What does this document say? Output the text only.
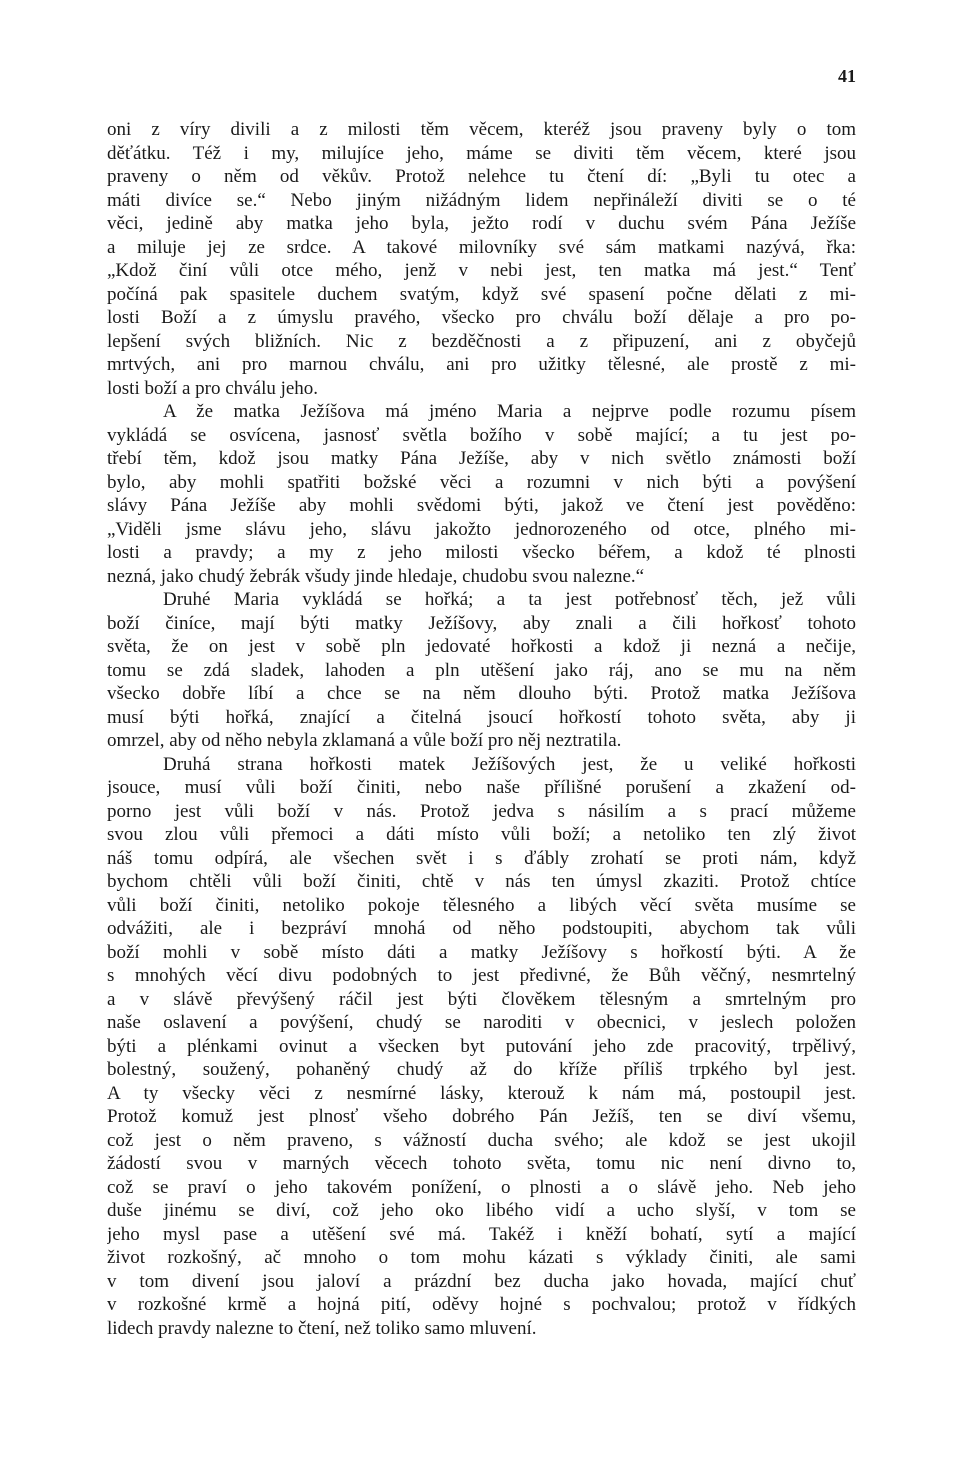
41
oni z víry divili a z milosti těm věcem, kteréž jsou praveny byly o tom
děťátku. Též i my, milujíce jeho, máme se diviti těm věcem, které jsou
praveny o něm od věkův. Protož nelehce tu čtení dí: „Byli tu otec a
máti divíce se.“ Nebo jiným nižádným lidem nepřináleží diviti se o té
věci, jedině aby matka jeho byla, ježto rodí v duchu svém Pána Ježíše
a miluje jej ze srdce. A takové milovníky své sám matkami nazývá, řka:
„Kdož činí vůli otce mého, jenž v nebi jest, ten matka má jest.“ Tenť
počíná pak spasitele duchem svatým, když své spasení počne dělati z mi-
losti Boží a z úmyslu pravého, všecko pro chválu boží dělaje a pro po-
lepšení svých bližních. Nic z bezděčnosti a z připuzení, ani z obyčejů
mrtvých, ani pro marnou chválu, ani pro užitky tělesné, ale prostě z mi-
losti boží a pro chválu jeho.
A že matka Ježíšova má jméno Maria a nejprve podle rozumu písem
vykládá se osvícena, jasnosť světla božího v sobě mající; a tu jest po-
třebí těm, kdož jsou matky Pána Ježíše, aby v nich světlo známosti boží
bylo, aby mohli spatřiti božské věci a rozumni v nich býti a povýšení
slávy Pána Ježíše aby mohli svědomi býti, jakož ve čtení jest pověděno:
„Viděli jsme slávu jeho, slávu jakožto jednorozeného od otce, plného mi-
losti a pravdy; a my z jeho milosti všecko béřem, a kdož té plnosti
nezná, jako chudý žebrák všudy jinde hledaje, chudobu svou nalezne.“
Druhé Maria vykládá se hořká; a ta jest potřebnosť těch, jež vůli
boží činíce, mají býti matky Ježíšovy, aby znali a čili hořkosť tohoto
světa, že on jest v sobě pln jedovaté hořkosti a kdož ji nezná a nečije,
tomu se zdá sladek, lahoden a pln utěšení jako ráj, ano se mu na něm
všecko dobře líbí a chce se na něm dlouho býti. Protož matka Ježíšova
musí býti hořká, znající a čitelná jsoucí hořkostí tohoto světa, aby ji
omrzel, aby od něho nebyla zklamaná a vůle boží pro něj neztratila.
Druhá strana hořkosti matek Ježíšových jest, že u veliké hořkosti
jsouce, musí vůli boží činiti, nebo naše přílišné porušení a zkažení od-
porno jest vůli boží v nás. Protož jedva s násilím a s prací můžeme
svou zlou vůli přemoci a dáti místo vůli boží; a netoliko ten zlý život
náš tomu odpírá, ale všechen svět i s ďábly zrohatí se proti nám, když
bychom chtěli vůli boží činiti, chtě v nás ten úmysl zkaziti. Protož chtíce
vůli boží činiti, netoliko pokoje tělesného a libých věcí světa musíme se
odvážiti, ale i bezpráví mnohá od něho podstoupiti, abychom tak vůli
boží mohli v sobě místo dáti a matky Ježíšovy s hořkostí býti. A že
s mnohých věcí divu podobných to jest předivné, že Bůh věčný, nesmrtelný
a v slávě převýšený ráčil jest býti člověkem tělesným a smrtelným pro
naše oslavení a povýšení, chudý se naroditi v obecnici, v jeslech položen
býti a plénkami ovinut a všecken byt putování jeho zde pracovitý, trpělivý,
bolestný, soužený, pohaněný chudý až do kříže příliš trpkého byl jest.
A ty všecky věci z nesmírné lásky, kterouž k nám má, postoupil jest.
Protož komuž jest plnosť všeho dobrého Pán Ježíš, ten se diví všemu,
což jest o něm praveno, s vážností ducha svého; ale kdož se jest ukojil
žádostí svou v marných věcech tohoto světa, tomu nic není divno to,
což se praví o jeho takovém ponížení, o plnosti a o slávě jeho. Neb jeho
duše jinému se diví, což jeho oko libého vidí a ucho slyší, v tom se
jeho mysl pase a utěšení své má. Takéž i kněží bohatí, sytí a mající
život rozkošný, ač mnoho o tom mohu kázati s výklady činiti, ale sami
v tom divení jsou jaloví a prázdní bez ducha jako hovada, mající chuť
v rozkošné krmě a hojná pití, oděvy hojné s pochvalou; protož v řídkých
lidech pravdy nalezne to čtení, než toliko samo mluvení.
